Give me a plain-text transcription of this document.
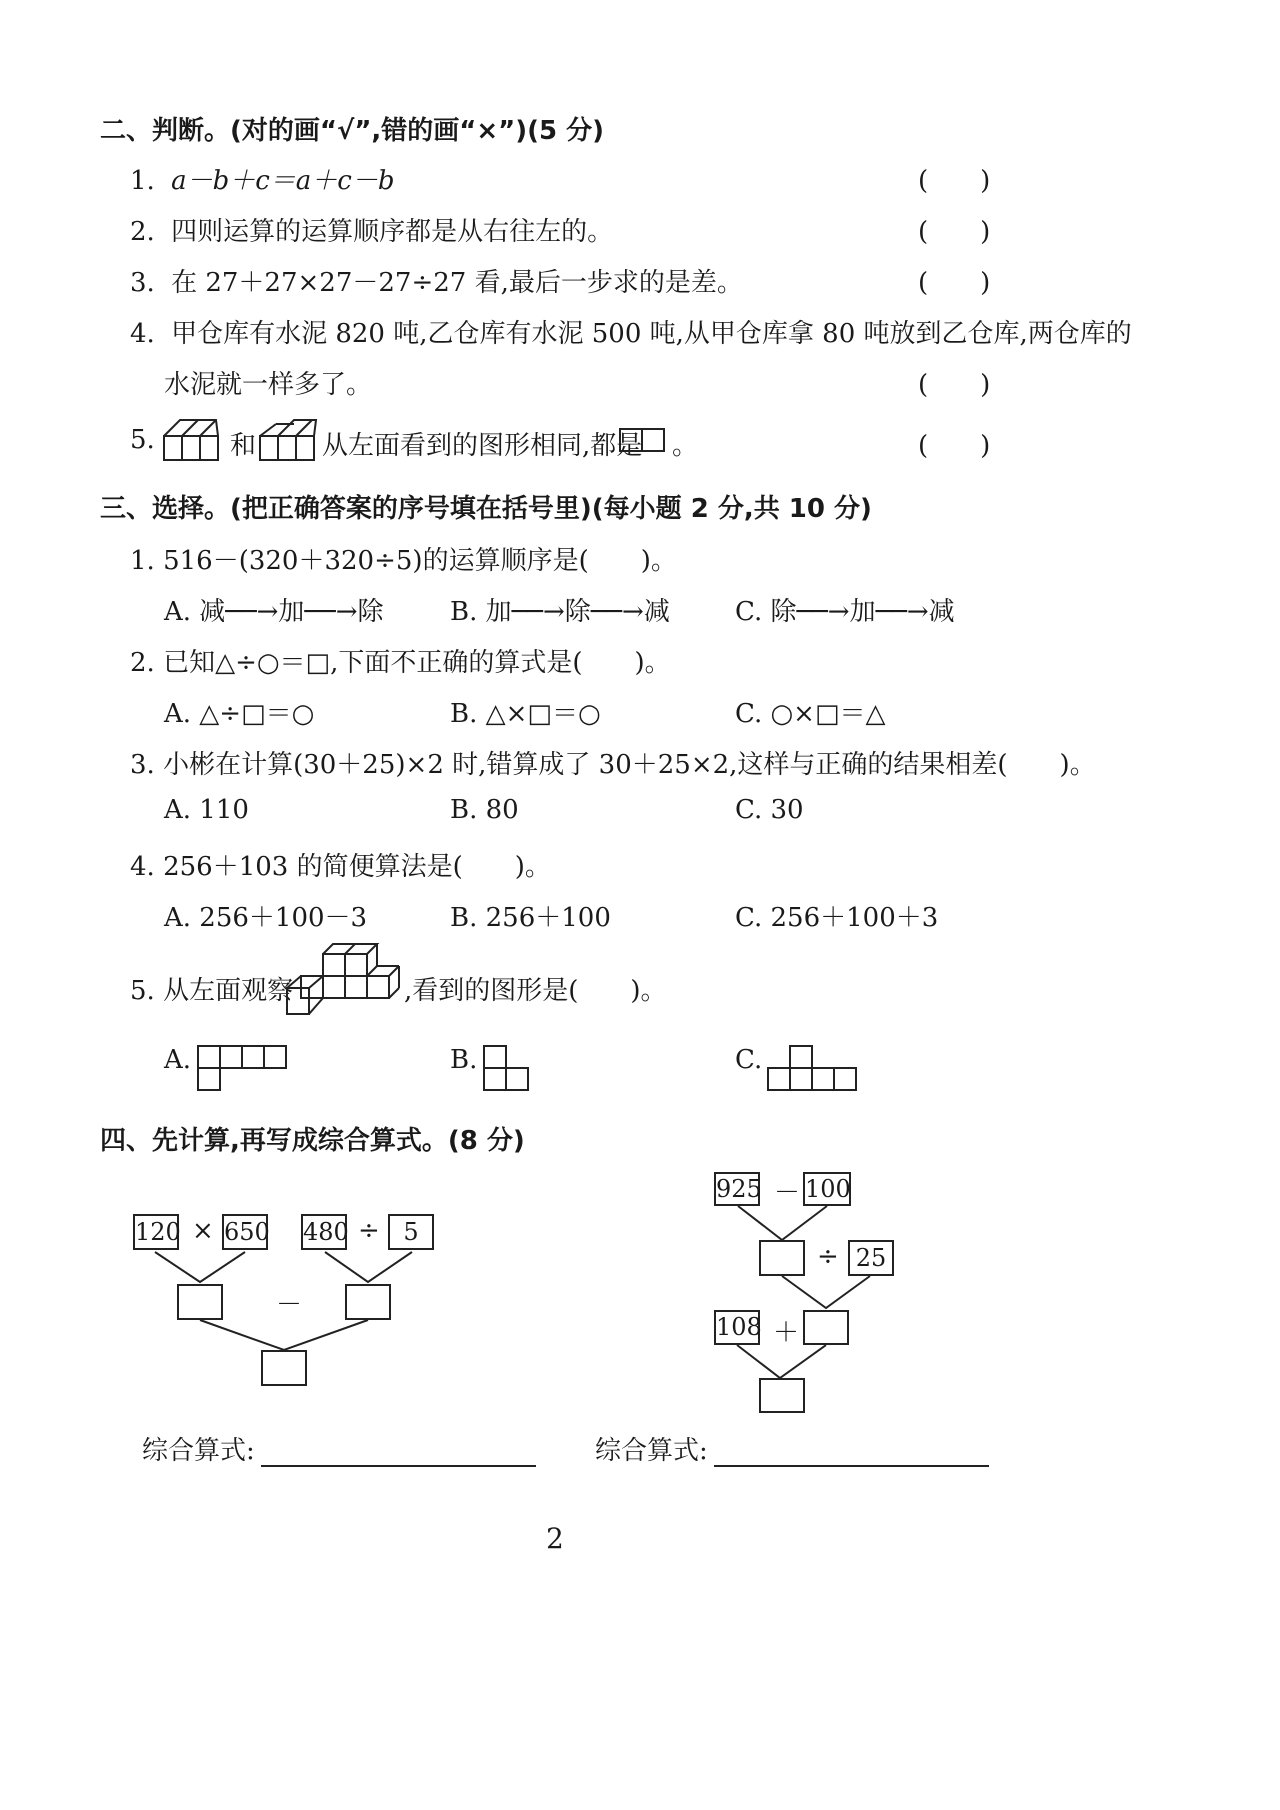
二、判断。(对的画“√”,错的画“×”)(5 分)
1. a－b＋c＝a＋c－b	(　　)
2. 四则运算的运算顺序都是从右往左的。	(　　)
3. 在 27＋27×27－27÷27 看,最后一步求的是差。	(　　)
4. 甲仓库有水泥 820 吨,乙仓库有水泥 500 吨,从甲仓库拿 80 吨放到乙仓库,两仓库的
水泥就一样多了。	(　　)
5.	和	从左面看到的图形相同,都是 。	(　　)
三、选择。(把正确答案的序号填在括号里)(每小题 2 分,共 10 分)
1. 516－(320＋320÷5)的运算顺序是(　　)。
A. 减──→加──→除	B. 加──→除──→减	C. 除──→加──→减
2. 已知△÷○＝□,下面不正确的算式是(　　)。
A. △÷□＝○	B. △×□＝○	C. ○×□＝△
3. 小彬在计算(30＋25)×2 时,错算成了 30＋25×2,这样与正确的结果相差(　　)。
A. 110	B. 80	C. 30
4. 256＋103 的简便算法是(　　)。
A. 256＋100－3	B. 256＋100	C. 256＋100＋3
5. 从左面观察	,看到的图形是(　　)。
A.	B.	C.
四、先计算,再写成综合算式。(8 分)
120 × 650 480 ÷ 5
－
925 － 100
÷ 25
108 ＋
综合算式:	综合算式:
2
